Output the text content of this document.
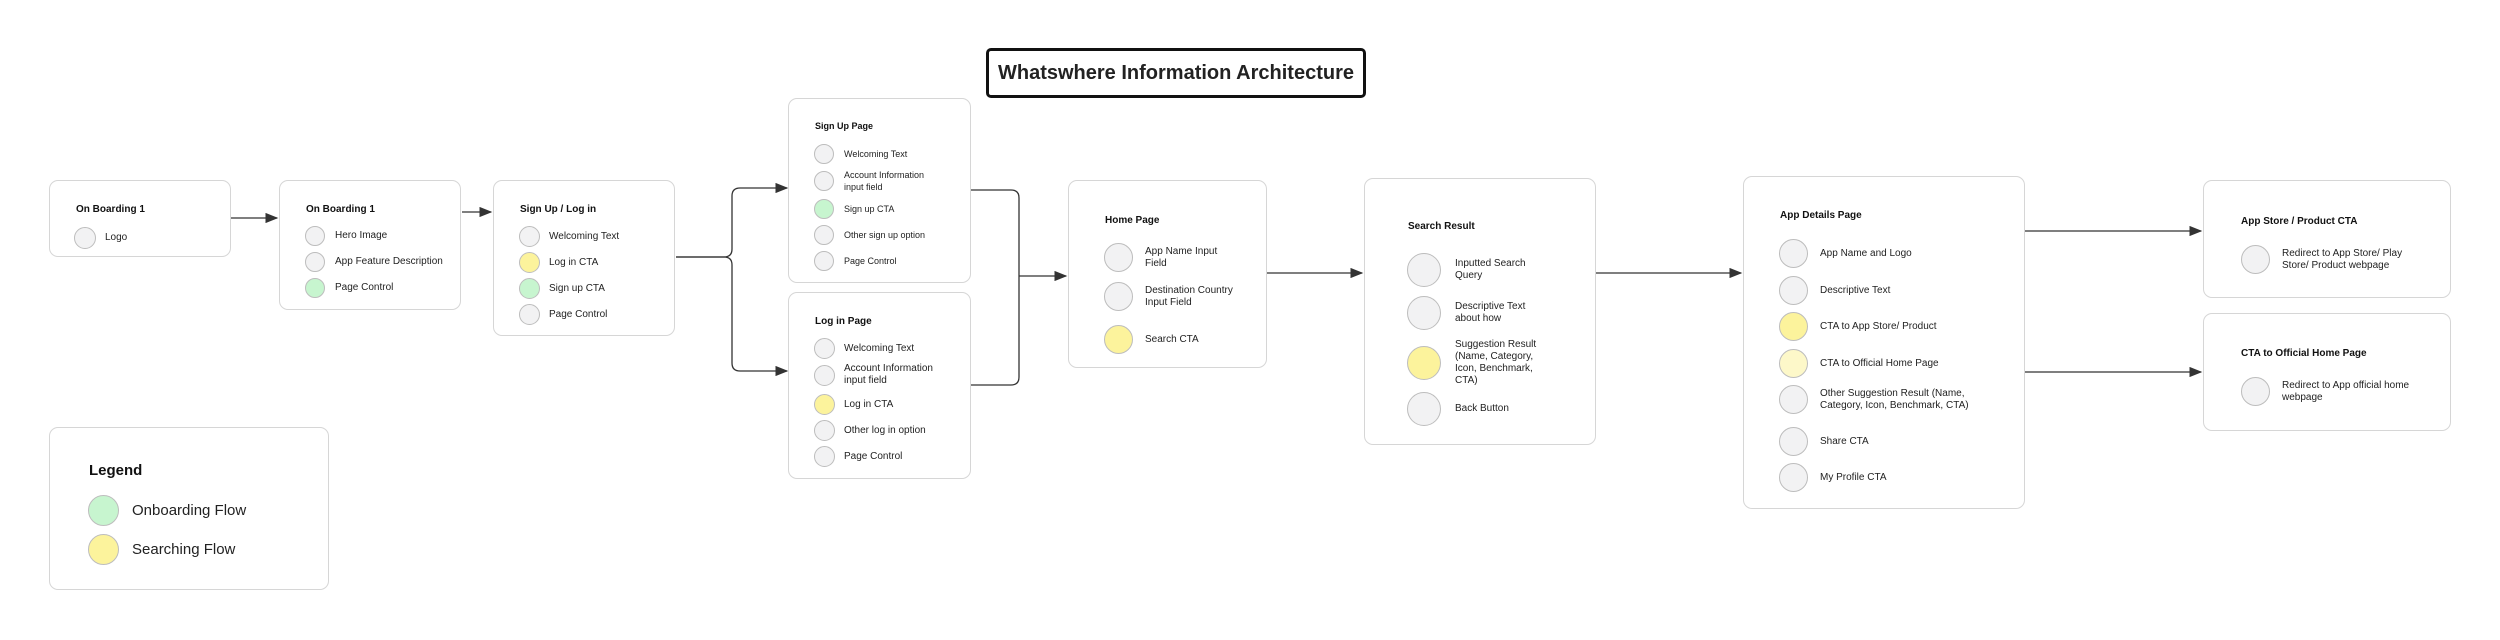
Whatswhere Information Architecture
On Boarding 1
Logo
On Boarding 1
Hero Image
App Feature Description
Page Control
Sign Up / Log in
Welcoming Text
Log in CTA
Sign up CTA
Page Control
Sign Up Page
Welcoming Text
Account Information input field
Sign up CTA
Other sign up option
Page Control
Log in Page
Welcoming Text
Account Information input field
Log in CTA
Other log in option
Page Control
Home Page
App Name Input Field
Destination Country Input Field
Search CTA
Search Result
Inputted Search Query
Descriptive Text about how
Suggestion Result (Name, Category, Icon, Benchmark, CTA)
Back Button
App Details Page
App Name and Logo
Descriptive Text
CTA to App Store/ Product
CTA to Official Home Page
Other Suggestion Result (Name, Category, Icon, Benchmark, CTA)
Share CTA
My Profile CTA
App Store / Product CTA
Redirect to App Store/ Play Store/ Product webpage
CTA to Official Home Page
Redirect to App official home webpage
Legend
Onboarding Flow
Searching Flow
